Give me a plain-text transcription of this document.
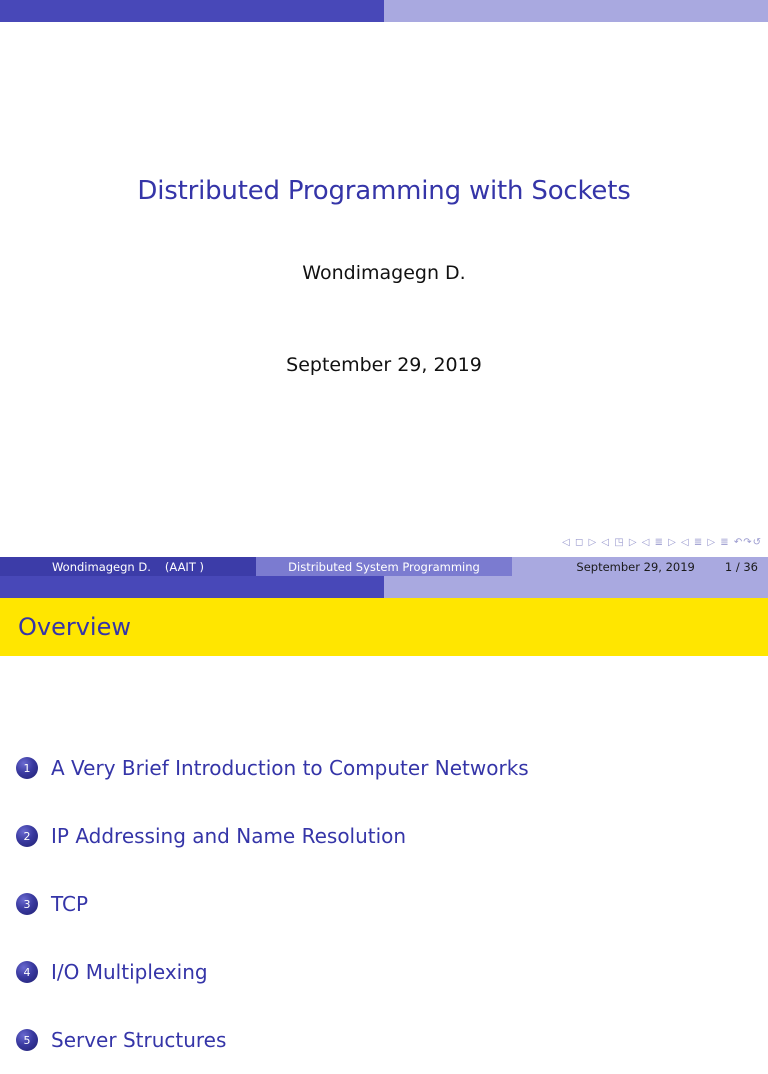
Distributed Programming with Sockets
Wondimagegn D.
September 29, 2019
◁ ◻ ▷ ◁ ◳ ▷ ◁ ≣ ▷ ◁ ≣ ▷ ≣ ↶↷↺
Wondimagegn D. (AAIT )	Distributed System Programming	September 29, 2019	1 / 36
Overview
1	A Very Brief Introduction to Computer Networks
2	IP Addressing and Name Resolution
3	TCP
4	I/O Multiplexing
5	Server Structures
